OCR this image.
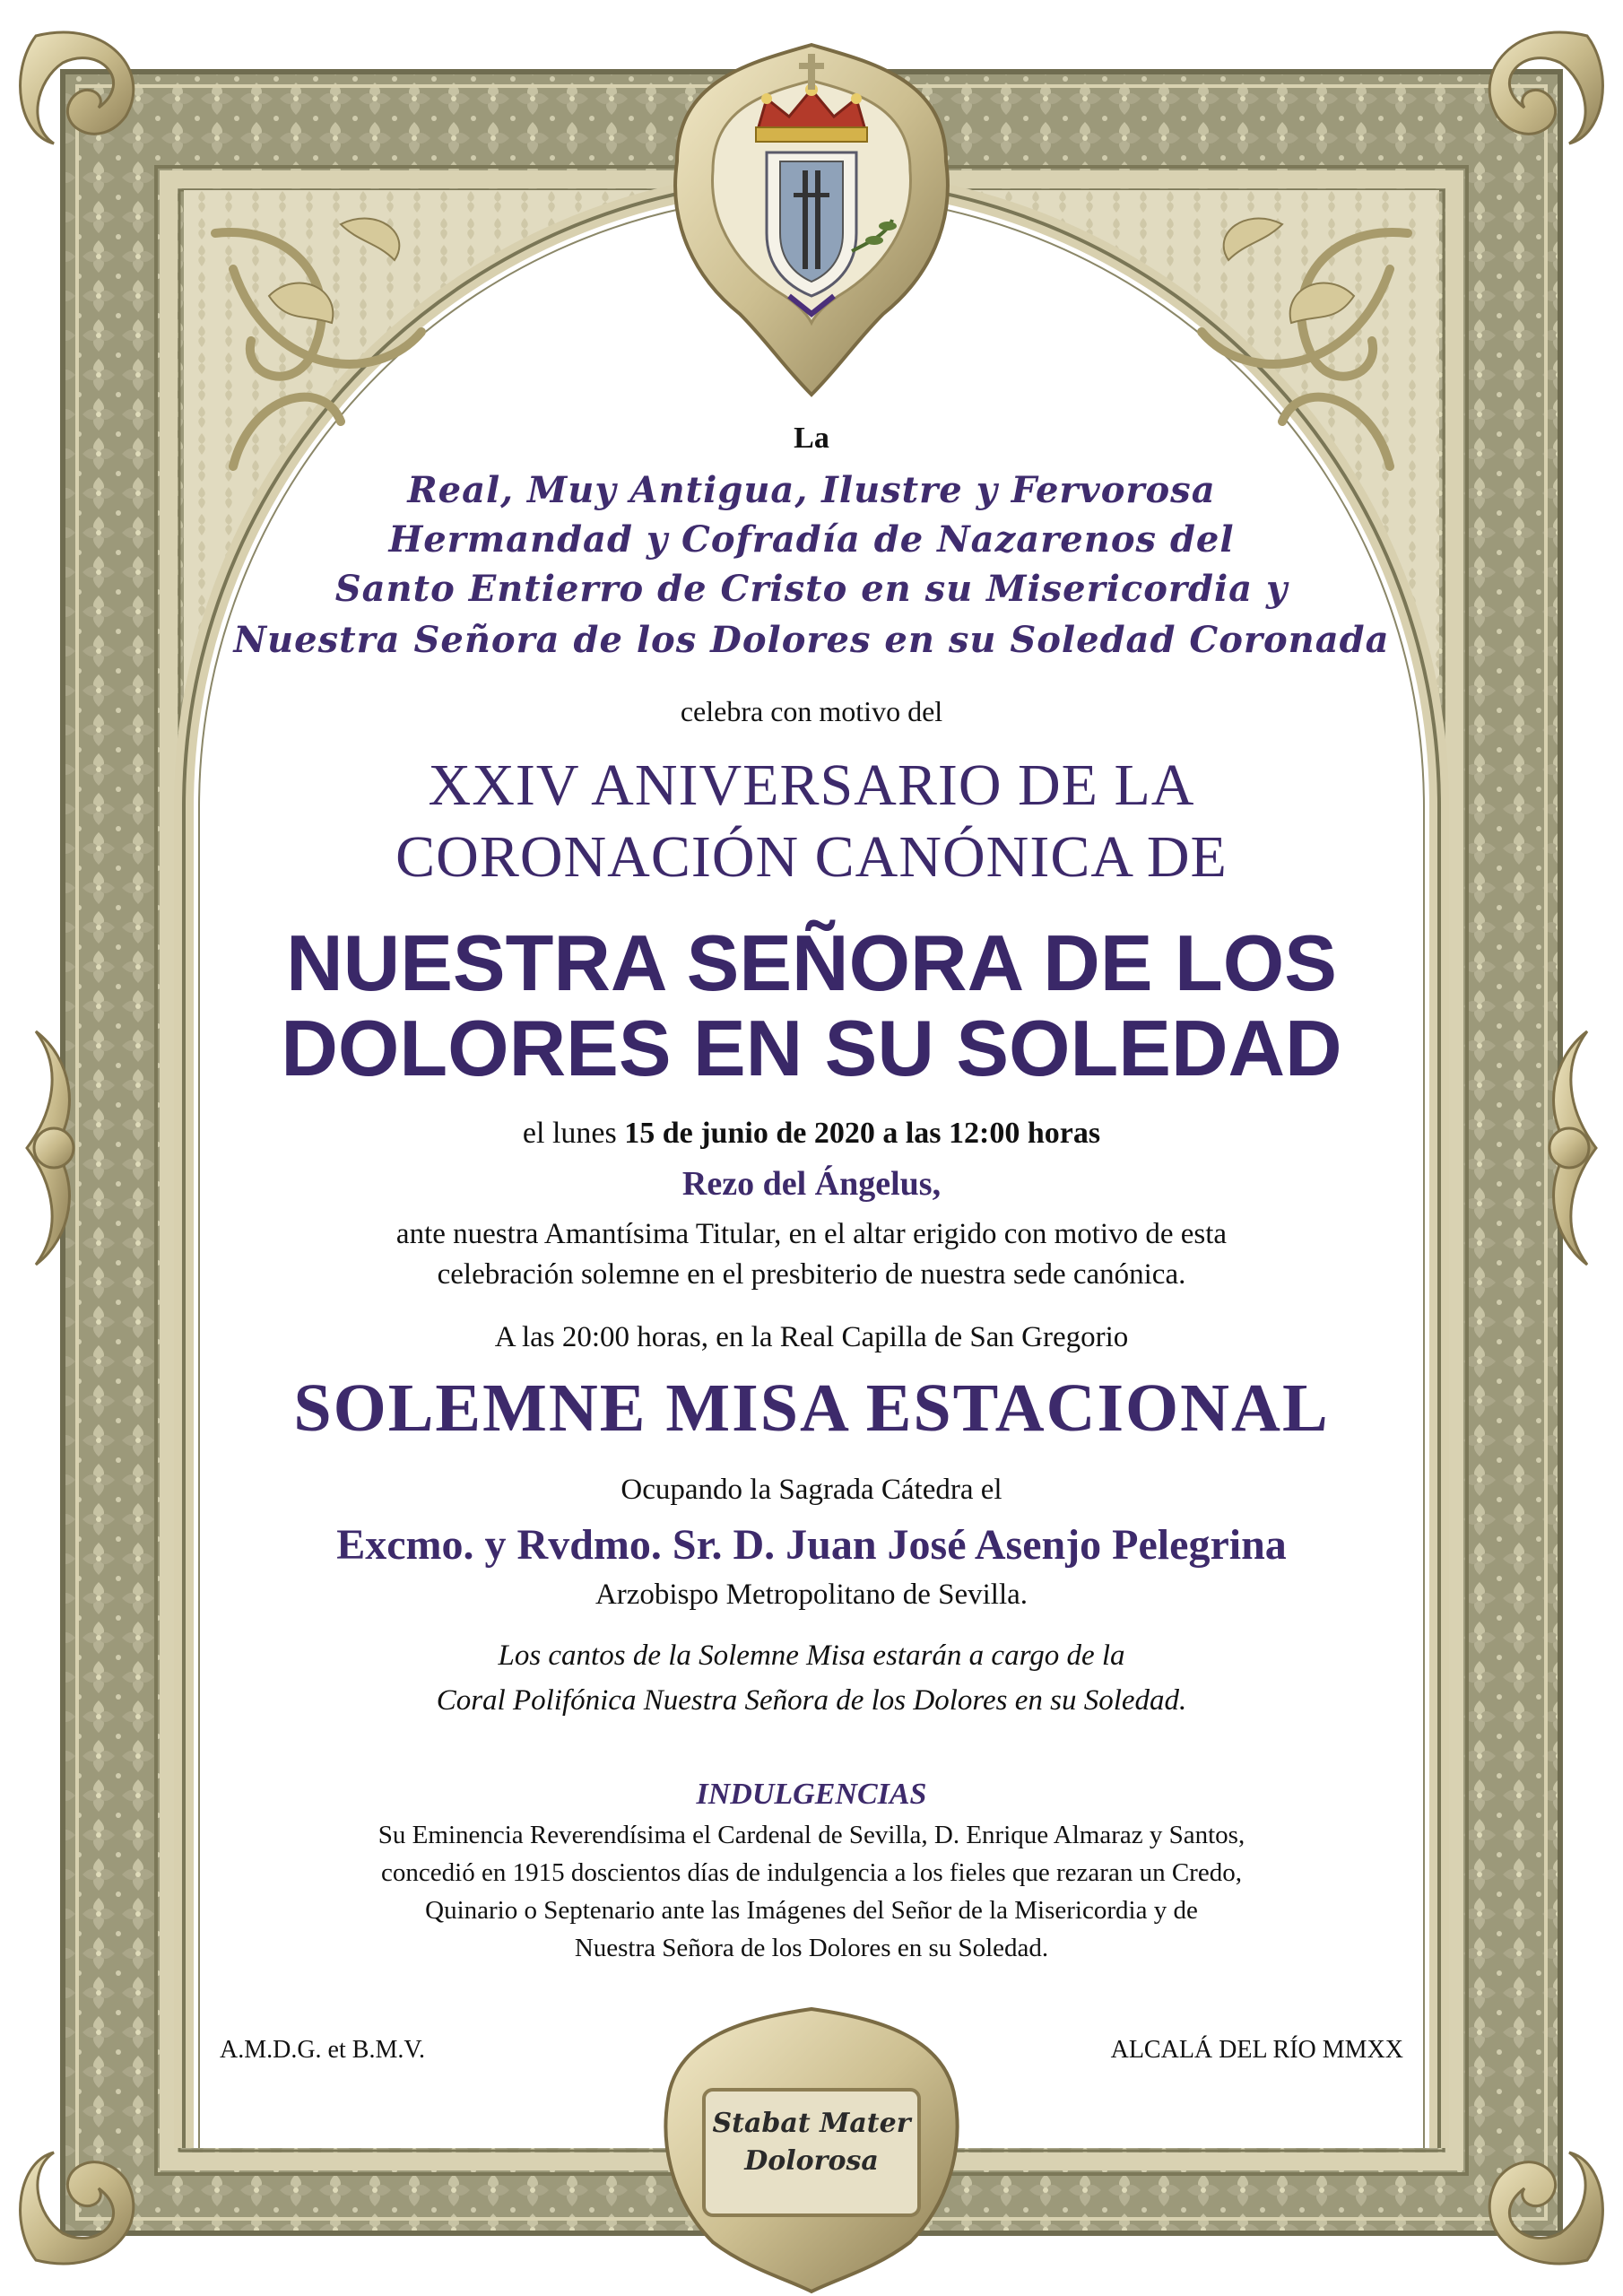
La
Real, Muy Antigua, Ilustre y Fervorosa
Hermandad y Cofradía de Nazarenos del
Santo Entierro de Cristo en su Misericordia y
Nuestra Señora de los Dolores en su Soledad Coronada
celebra con motivo del
XXIV ANIVERSARIO DE LA
CORONACIÓN CANÓNICA DE
NUESTRA SEÑORA DE LOS
DOLORES EN SU SOLEDAD
el lunes 15 de junio de 2020 a las 12:00 horas
Rezo del Ángelus,
ante nuestra Amantísima Titular, en el altar erigido con motivo de esta
celebración solemne en el presbiterio de nuestra sede canónica.
A las 20:00 horas, en la Real Capilla de San Gregorio
SOLEMNE MISA ESTACIONAL
Ocupando la Sagrada Cátedra el
Excmo. y Rvdmo. Sr. D. Juan José Asenjo Pelegrina
Arzobispo Metropolitano de Sevilla.
Los cantos de la Solemne Misa estarán a cargo de la
Coral Polifónica Nuestra Señora de los Dolores en su Soledad.
INDULGENCIAS
Su Eminencia Reverendísima el Cardenal de Sevilla, D. Enrique Almaraz y Santos,
concedió en 1915 doscientos días de indulgencia a los fieles que rezaran un Credo,
Quinario o Septenario ante las Imágenes del Señor de la Misericordia y de
Nuestra Señora de los Dolores en su Soledad.
A.M.D.G. et B.M.V.	ALCALÁ DEL RÍO MMXX
Stabat Mater
Dolorosa
